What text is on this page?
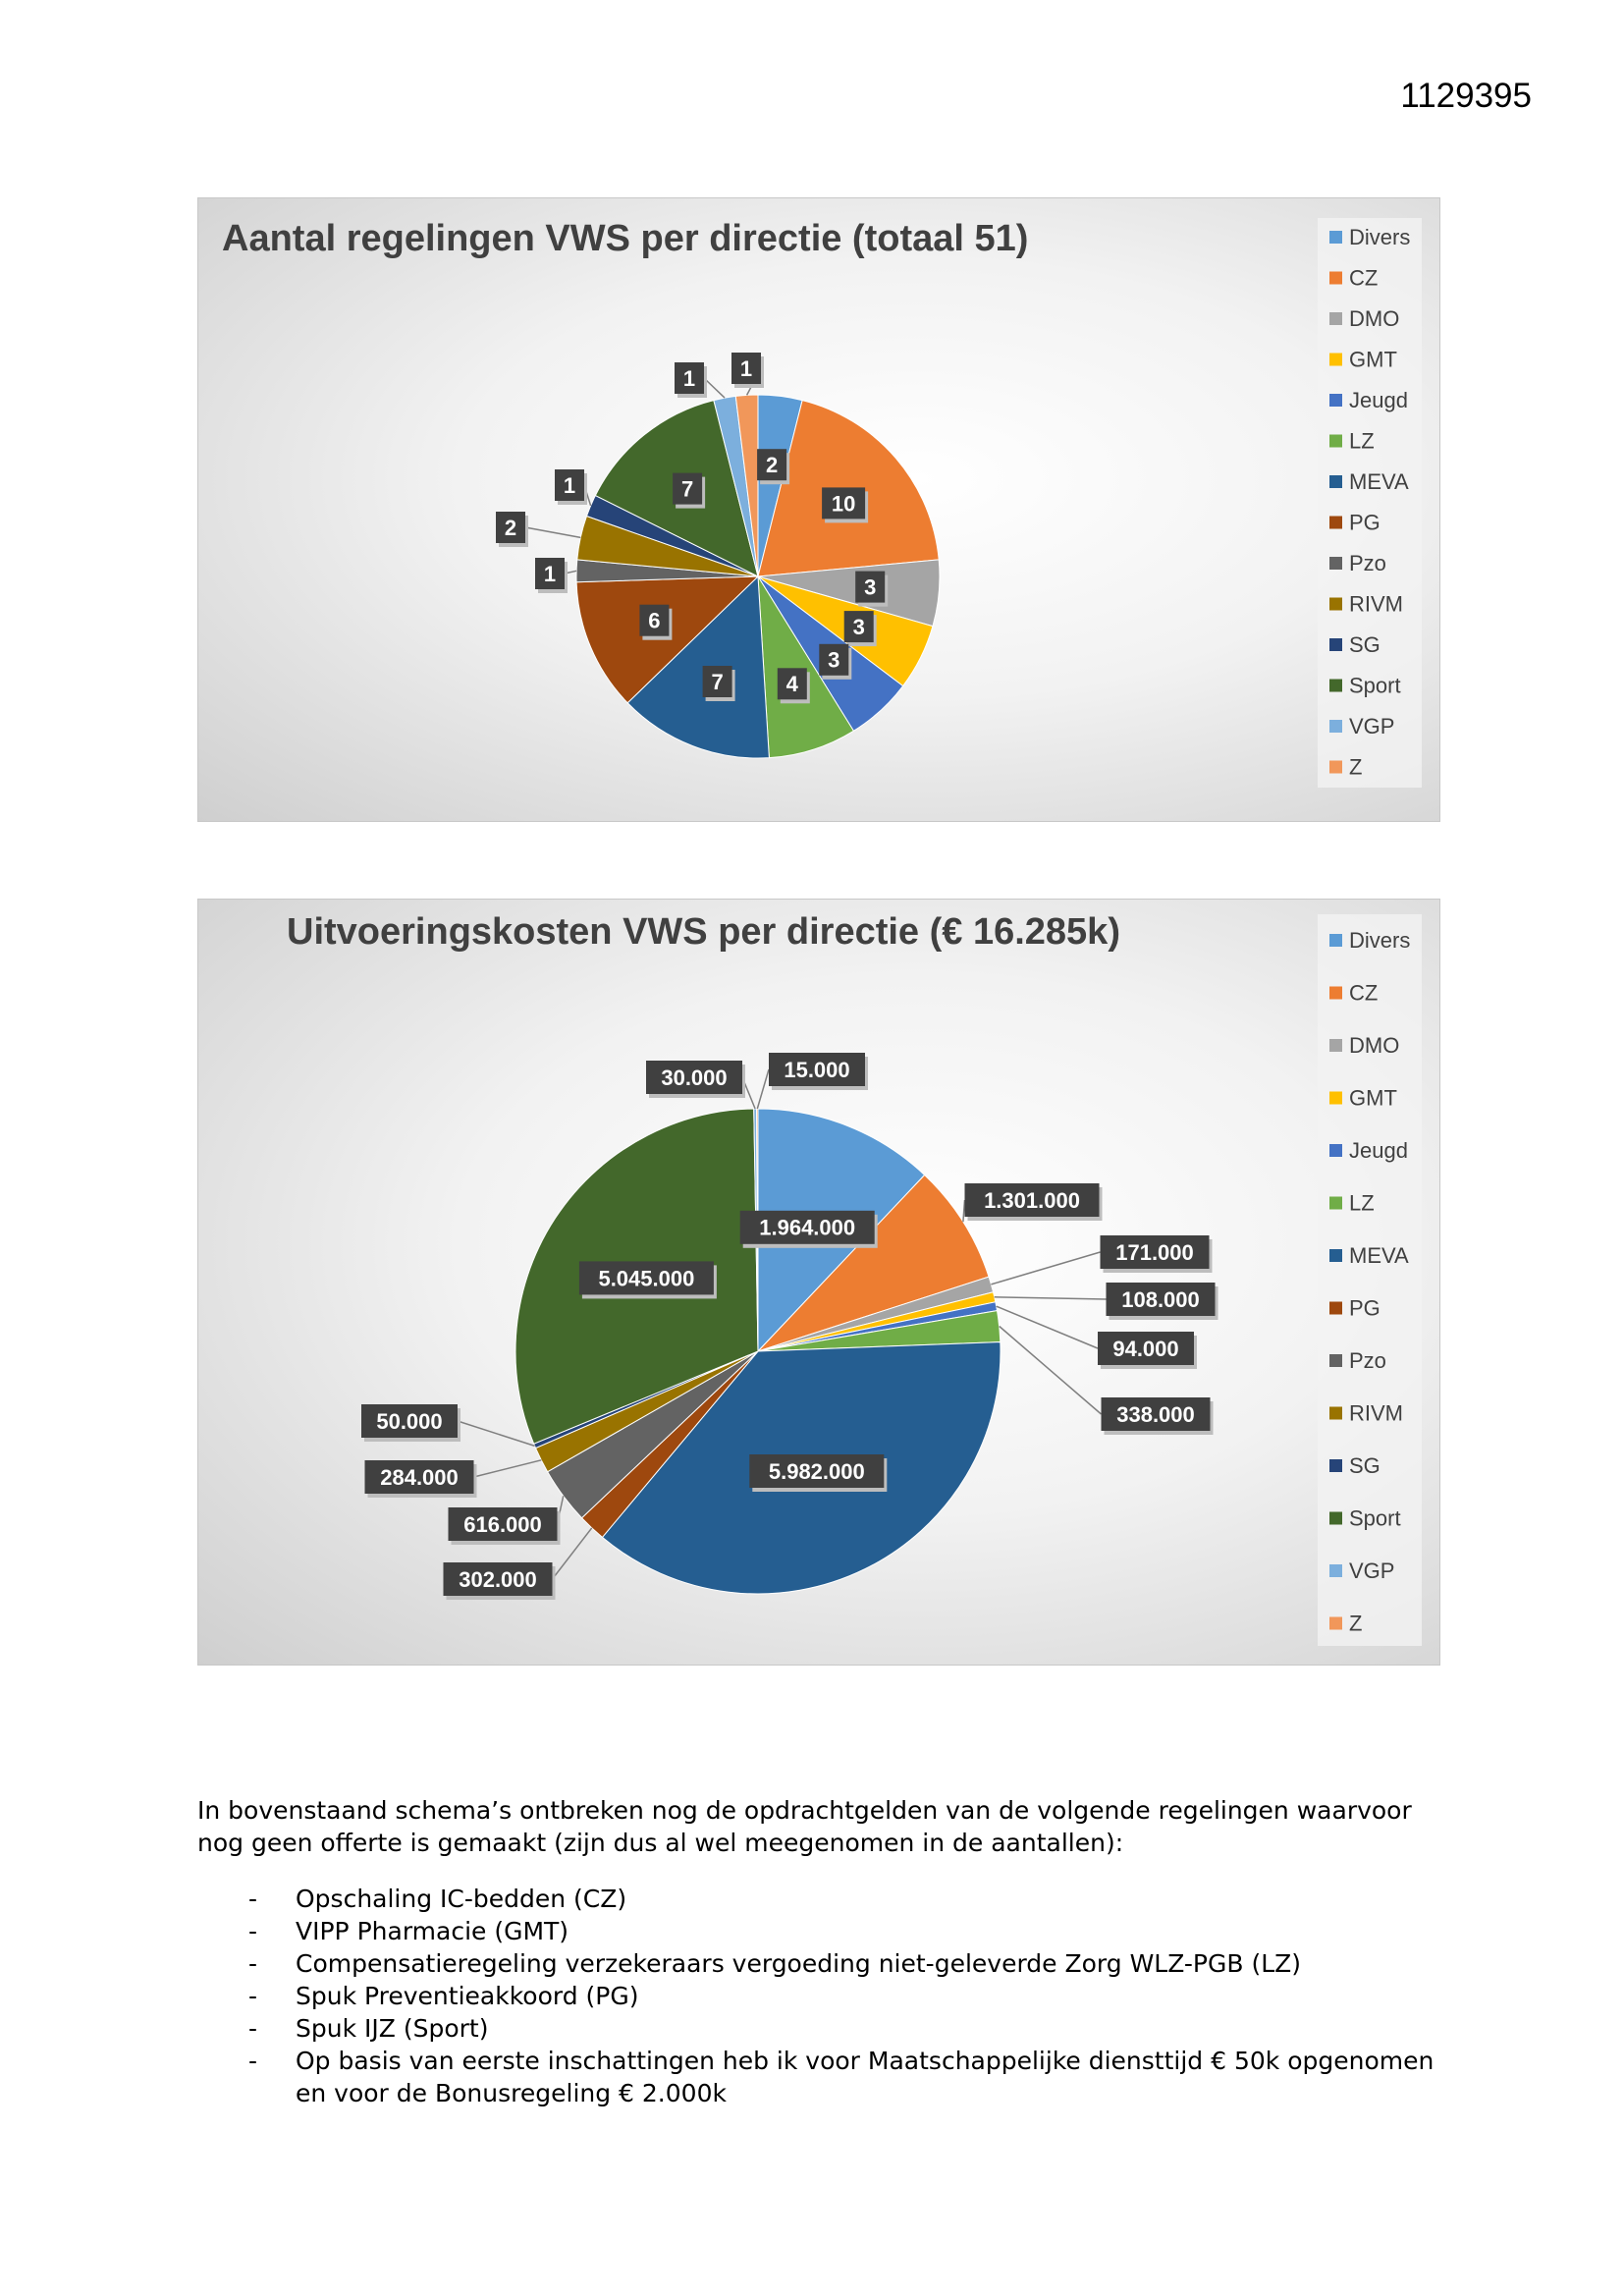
1129395
Aantal regelingen VWS per directie (totaal 51)
2
10
3
3
3
4
7
6
1
2
1	7
1 1
Divers
CZ
DMO
GMT
Jeugd
LZ
MEVA
PG
Pzo
RIVM
SG
Sport
VGP
Z
Uitvoeringskosten VWS per directie (€ 16.285k)
1.964.000
1.301.000
171.000
108.000
94.000
338.000
5.982.000
302.000
616.000
284.000
50.000
5.045.000
30.000	15.000
Divers
CZ
DMO
GMT
Jeugd
LZ
MEVA
PG
Pzo
RIVM
SG
Sport
VGP
Z

In bovenstaand schema’s ontbreken nog de opdrachtgelden van de volgende regelingen waarvoor nog geen offerte is gemaakt (zijn dus al wel meegenomen in de aantallen):

- Opschaling IC-bedden (CZ)
- VIPP Pharmacie (GMT)
- Compensatieregeling verzekeraars vergoeding niet-geleverde Zorg WLZ-PGB (LZ)
- Spuk Preventieakkoord (PG)
- Spuk IJZ (Sport)
- Op basis van eerste inschattingen heb ik voor Maatschappelijke diensttijd € 50k opgenomen en voor de Bonusregeling € 2.000k
